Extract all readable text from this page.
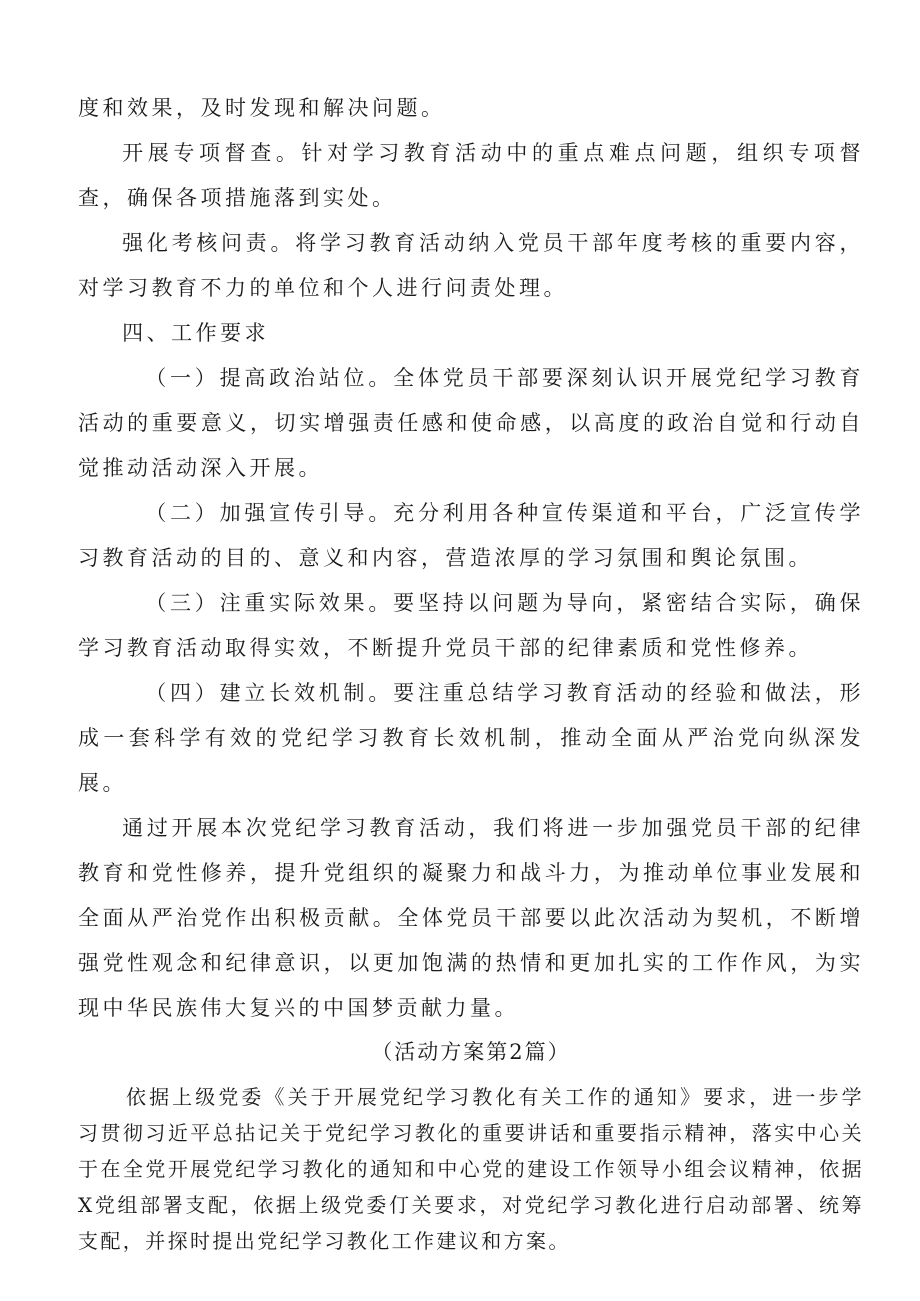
度和效果，及时发现和解决问题。

开展专项督查。针对学习教育活动中的重点难点问题，组织专项督查，确保各项措施落到实处。

强化考核问责。将学习教育活动纳入党员干部年度考核的重要内容，对学习教育不力的单位和个人进行问责处理。

四、工作要求

（一）提高政治站位。全体党员干部要深刻认识开展党纪学习教育活动的重要意义，切实增强责任感和使命感，以高度的政治自觉和行动自觉推动活动深入开展。

（二）加强宣传引导。充分利用各种宣传渠道和平台，广泛宣传学习教育活动的目的、意义和内容，营造浓厚的学习氛围和舆论氛围。

（三）注重实际效果。要坚持以问题为导向，紧密结合实际，确保学习教育活动取得实效，不断提升党员干部的纪律素质和党性修养。

（四）建立长效机制。要注重总结学习教育活动的经验和做法，形成一套科学有效的党纪学习教育长效机制，推动全面从严治党向纵深发展。

通过开展本次党纪学习教育活动，我们将进一步加强党员干部的纪律教育和党性修养，提升党组织的凝聚力和战斗力，为推动单位事业发展和全面从严治党作出积极贡献。全体党员干部要以此次活动为契机，不断增强党性观念和纪律意识，以更加饱满的热情和更加扎实的工作作风，为实现中华民族伟大复兴的中国梦贡献力量。

（活动方案第2篇）

依据上级党委《关于开展党纪学习教化有关工作的通知》要求，进一步学习贯彻习近平总拈记关于党纪学习教化的重要讲话和重要指示精神，落实中心关于在全党开展党纪学习教化的通知和中心党的建设工作领导小组会议精神，依据X党组部署支配，依据上级党委仃关要求，对党纪学习教化进行启动部署、统筹支配，并探时提出党纪学习教化工作建议和方案。
